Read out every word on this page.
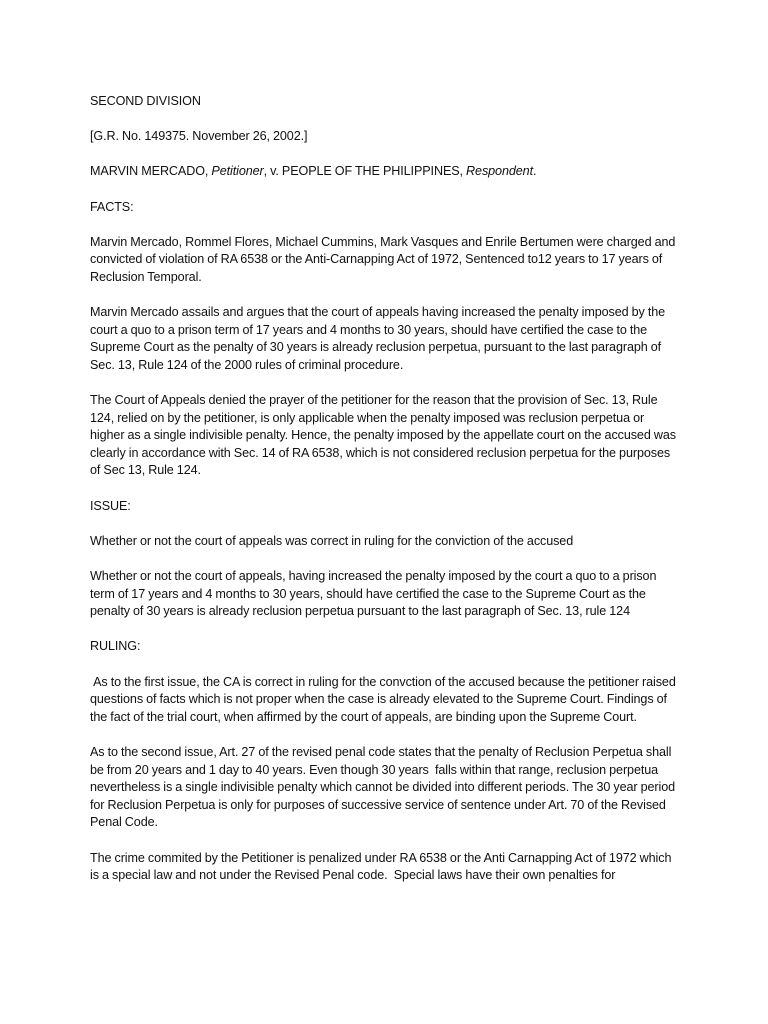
SECOND DIVISION

[G.R. No. 149375. November 26, 2002.]

MARVIN MERCADO, Petitioner, v. PEOPLE OF THE PHILIPPINES, Respondent.

FACTS:

Marvin Mercado, Rommel Flores, Michael Cummins, Mark Vasques and Enrile Bertumen were charged and convicted of violation of RA 6538 or the Anti-Carnapping Act of 1972, Sentenced to12 years to 17 years of Reclusion Temporal.

Marvin Mercado assails and argues that the court of appeals having increased the penalty imposed by the court a quo to a prison term of 17 years and 4 months to 30 years, should have certified the case to the Supreme Court as the penalty of 30 years is already reclusion perpetua, pursuant to the last paragraph of Sec. 13, Rule 124 of the 2000 rules of criminal procedure.

The Court of Appeals denied the prayer of the petitioner for the reason that the provision of Sec. 13, Rule 124, relied on by the petitioner, is only applicable when the penalty imposed was reclusion perpetua or higher as a single indivisible penalty. Hence, the penalty imposed by the appellate court on the accused was clearly in accordance with Sec. 14 of RA 6538, which is not considered reclusion perpetua for the purposes of Sec 13, Rule 124.

ISSUE:

Whether or not the court of appeals was correct in ruling for the conviction of the accused

Whether or not the court of appeals, having increased the penalty imposed by the court a quo to a prison term of 17 years and 4 months to 30 years, should have certified the case to the Supreme Court as the penalty of 30 years is already reclusion perpetua pursuant to the last paragraph of Sec. 13, rule 124

RULING:

As to the first issue, the CA is correct in ruling for the convction of the accused because the petitioner raised questions of facts which is not proper when the case is already elevated to the Supreme Court. Findings of the fact of the trial court, when affirmed by the court of appeals, are binding upon the Supreme Court.

As to the second issue, Art. 27 of the revised penal code states that the penalty of Reclusion Perpetua shall be from 20 years and 1 day to 40 years. Even though 30 years  falls within that range, reclusion perpetua nevertheless is a single indivisible penalty which cannot be divided into different periods. The 30 year period for Reclusion Perpetua is only for purposes of successive service of sentence under Art. 70 of the Revised Penal Code.

The crime commited by the Petitioner is penalized under RA 6538 or the Anti Carnapping Act of 1972 which is a special law and not under the Revised Penal code.  Special laws have their own penalties for
